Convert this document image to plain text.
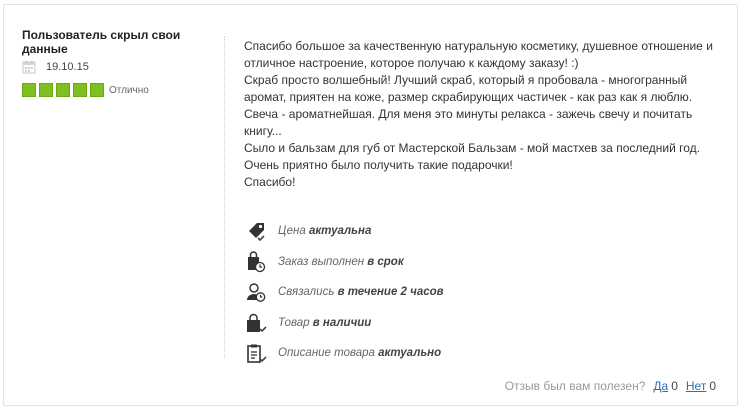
Пользователь скрыл свои данные
19.10.15
Отлично

Спасибо большое за качественную натуральную косметику, душевное отношение и отличное настроение, которое получаю к каждому заказу! :)

Скраб просто волшебный! Лучший скраб, который я пробовала - многогранный аромат, приятен на коже, размер скрабирующих частичек - как раз как я люблю.

Свеча - ароматнейшая. Для меня это минуты релакса - зажечь свечу и почитать книгу...

Сыло и бальзам для губ от Мастерской Бальзам - мой мастхев за последний год. Очень приятно было получить такие подарочки!

Спасибо!

Цена актуальна
Заказ выполнен в срок
Связались в течение 2 часов
Товар в наличии
Описание товара актуально
Отзыв был вам полезен? Да 0 Нет 0
